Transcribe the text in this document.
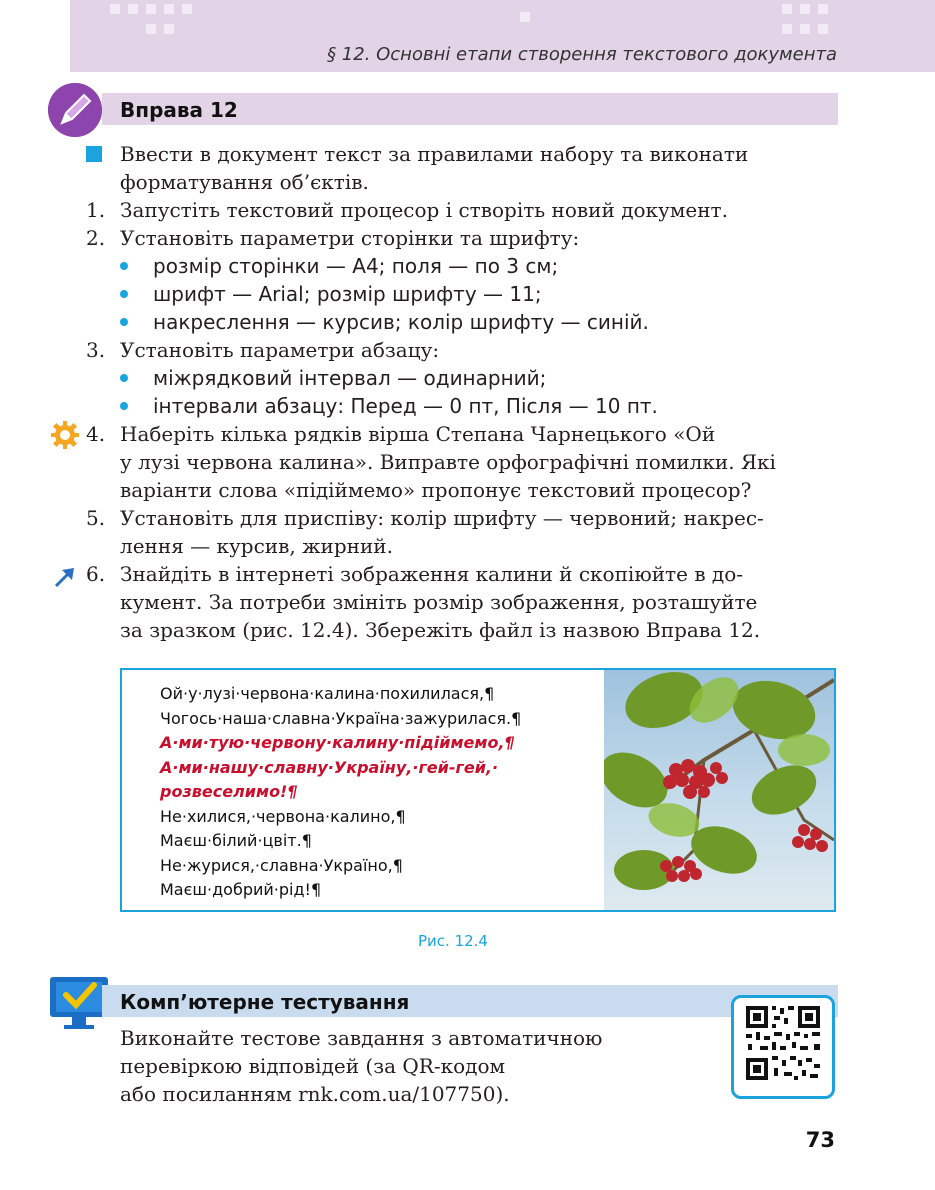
§ 12. Основні етапи створення текстового документа
Вправа 12
Ввести в документ текст за правилами набору та виконати
форматування об’єктів.
1. Запустіть текстовий процесор і створіть новий документ.
2. Установіть параметри сторінки та шрифту:
розмір сторінки — А4; поля — по 3 см;
шрифт — Arial; розмір шрифту — 11;
накреслення — курсив; колір шрифту — синій.
3. Установіть параметри абзацу:
міжрядковий інтервал — одинарний;
інтервали абзацу: Перед — 0 пт, Після — 10 пт.
4. Наберіть кілька рядків вірша Степана Чарнецького «Ой
у лузі червона калина». Виправте орфографічні помилки. Які
варіанти слова «підіймемо» пропонує текстовий процесор?
5. Установіть для приспіву: колір шрифту — червоний; накрес-
лення — курсив, жирний.
6. Знайдіть в інтернеті зображення калини й скопіюйте в до-
кумент. За потреби змініть розмір зображення, розташуйте
за зразком (рис. 12.4). Збережіть файл із назвою Вправа 12.
Ой·у·лузі·червона·калина·похилилася,¶
Чогось·наша·славна·Україна·зажурилася.¶
А·ми·тую·червону·калину·підіймемо,¶
А·ми·нашу·славну·Україну,·гей-гей,·
розвеселимо!¶
Не·хилися,·червона·калино,¶
Маєш·білий·цвіт.¶
Не·журися,·славна·Україно,¶
Маєш·добрий·рід!¶
Рис. 12.4
Комп’ютерне тестування
Виконайте тестове завдання з автоматичною
перевіркою відповідей (за QR-кодом
або посиланням rnk.com.ua/107750).
73
